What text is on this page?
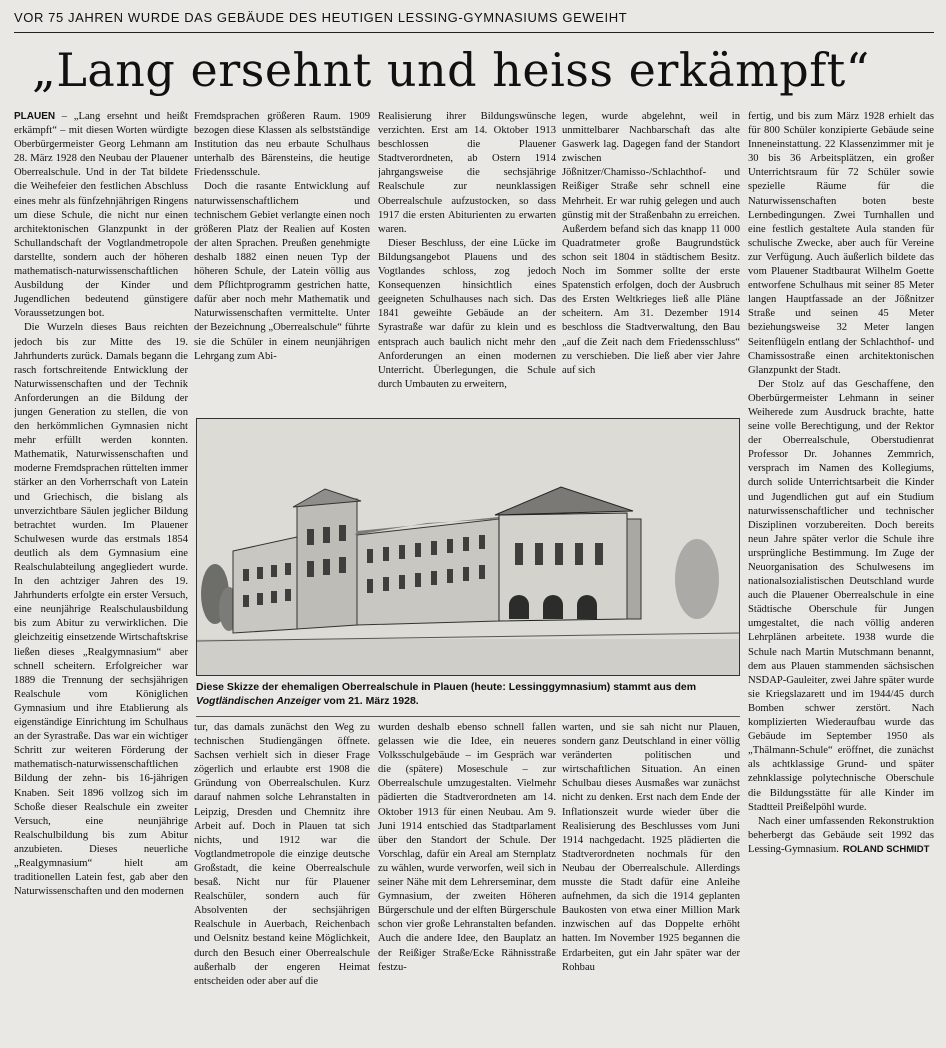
VOR 75 JAHREN WURDE DAS GEBÄUDE DES HEUTIGEN LESSING-GYMNASIUMS GEWEIHT
„Lang ersehnt und heiss erkämpft“

PLAUEN – „Lang ersehnt und heißt erkämpft“ – mit diesen Worten würdigte Oberbürgermeister Georg Lehmann am 28. März 1928 den Neubau der Plauener Oberrealschule. Und in der Tat bildete die Weihefeier den festlichen Abschluss eines mehr als fünfzehnjährigen Ringens um diese Schule, die nicht nur einen architektonischen Glanzpunkt in der Schullandschaft der Vogtlandmetropole darstellte, sondern auch der höheren mathematisch-naturwissenschaftlichen Ausbildung der Kinder und Jugendlichen bedeutend günstigere Voraussetzungen bot.

Die Wurzeln dieses Baus reichten jedoch bis zur Mitte des 19. Jahrhunderts zurück. Damals begann die rasch fortschreitende Entwicklung der Naturwissenschaften und der Technik Anforderungen an die Bildung der jungen Generation zu stellen, die von den herkömmlichen Gymnasien nicht mehr erfüllt werden konnten. Mathematik, Naturwissenschaften und moderne Fremdsprachen rüttelten immer stärker an den Vorherrschaft von Latein und Griechisch, die bislang als unverzichtbare Säulen jeglicher Bildung betrachtet wurden. Im Plauener Schulwesen wurde das erstmals 1854 deutlich als dem Gymnasium eine Realschulabteilung angegliedert wurde. In den achtziger Jahren des 19. Jahrhunderts erfolgte ein erster Versuch, eine neunjährige Realschulausbildung bis zum Abitur zu verwirklichen. Die gleichzeitig einsetzende Wirtschaftskrise ließen dieses „Realgymnasium“ aber schnell scheitern. Erfolgreicher war 1889 die Trennung der sechsjährigen Realschule vom Königlichen Gymnasium und ihre Etablierung als eigenständige Einrichtung im Schulhaus an der Syrastraße. Das war ein wichtiger Schritt zur weiteren Förderung der mathematisch-naturwissenschaftlichen Bildung der zehn- bis 16-jährigen Knaben. Seit 1896 vollzog sich im Schoße dieser Realschule ein zweiter Versuch, eine neunjährige Realschulbildung bis zum Abitur anzubieten. Dieses neuerliche „Realgymnasium“ hielt am traditionellen Latein fest, gab aber den Naturwissenschaften und den modernen

Fremdsprachen größeren Raum. 1909 bezogen diese Klassen als selbstständige Institution das neu erbaute Schulhaus unterhalb des Bärensteins, die heutige Friedensschule.

Doch die rasante Entwicklung auf naturwissenschaftlichem und technischem Gebiet verlangte einen noch größeren Platz der Realien auf Kosten der alten Sprachen. Preußen genehmigte deshalb 1882 einen neuen Typ der höheren Schule, der Latein völlig aus dem Pflichtprogramm gestrichen hatte, dafür aber noch mehr Mathematik und Naturwissenschaften vermittelte. Unter der Bezeichnung „Oberrealschule“ führte sie die Schüler in einem neunjährigen Lehrgang zum Abi-

Realisierung ihrer Bildungswünsche verzichten. Erst am 14. Oktober 1913 beschlossen die Plauener Stadtverordneten, ab Ostern 1914 jahrgangsweise die sechsjährige Realschule zur neunklassigen Oberrealschule aufzustocken, so dass 1917 die ersten Abiturienten zu erwarten waren.

Dieser Beschluss, der eine Lücke im Bildungsangebot Plauens und des Vogtlandes schloss, zog jedoch Konsequenzen hinsichtlich eines geeigneten Schulhauses nach sich. Das 1841 geweihte Gebäude an der Syrastraße war dafür zu klein und es entsprach auch baulich nicht mehr den Anforderungen an einen modernen Unterricht. Überlegungen, die Schule durch Umbauten zu erweitern,

legen, wurde abgelehnt, weil in unmittelbarer Nachbarschaft das alte Gaswerk lag. Dagegen fand der Standort zwischen Jößnitzer/Chamisso-/Schlachthof- und Reißiger Straße sehr schnell eine Mehrheit. Er war ruhig gelegen und auch günstig mit der Straßenbahn zu erreichen. Außerdem befand sich das knapp 11 000 Quadratmeter große Baugrundstück schon seit 1804 in städtischem Besitz. Noch im Sommer sollte der erste Spatenstich erfolgen, doch der Ausbruch des Ersten Weltkrieges ließ alle Pläne scheitern. Am 31. Dezember 1914 beschloss die Stadtverwaltung, den Bau „auf die Zeit nach dem Friedensschluss“ zu verschieben. Die ließ aber vier Jahre auf sich

fertig, und bis zum März 1928 erhielt das für 800 Schüler konzipierte Gebäude seine Inneneinstattung. 22 Klassenzimmer mit je 30 bis 36 Arbeitsplätzen, ein großer Unterrichtsraum für 72 Schüler sowie spezielle Räume für die Naturwissenschaften boten beste Lernbedingungen. Zwei Turnhallen und eine festlich gestaltete Aula standen für schulische Zwecke, aber auch für Vereine zur Verfügung. Auch äußerlich bildete das vom Plauener Stadtbaurat Wilhelm Goette entworfene Schulhaus mit seiner 85 Meter langen Hauptfassade an der Jößnitzer Straße und seinen 45 Meter beziehungsweise 32 Meter langen Seitenflügeln entlang der Schlachthof- und Chamissostraße einen architektonischen Glanzpunkt der Stadt.

Der Stolz auf das Geschaffene, den Oberbürgermeister Lehmann in seiner Weiherede zum Ausdruck brachte, hatte seine volle Berechtigung, und der Rektor der Oberrealschule, Oberstudienrat Professor Dr. Johannes Zemmrich, versprach im Namen des Kollegiums, durch solide Unterrichtsarbeit die Kinder und Jugendlichen gut auf ein Studium naturwissenschaftlicher und technischer Disziplinen vorzubereiten. Doch bereits neun Jahre später verlor die Schule ihre ursprüngliche Bestimmung. Im Zuge der Neuorganisation des Schulwesens im nationalsozialistischen Deutschland wurde auch die Plauener Oberrealschule in eine Städtische Oberschule für Jungen umgestaltet, die nach völlig anderen Lehrplänen arbeitete. 1938 wurde die Schule nach Martin Mutschmann benannt, dem aus Plauen stammenden sächsischen NSDAP-Gauleiter, zwei Jahre später wurde sie Kriegslazarett und im 1944/45 durch Bomben schwer zerstört. Nach komplizierten Wiederaufbau wurde das Gebäude im September 1950 als „Thälmann-Schule“ eröffnet, die zunächst als achtklassige Grund- und später zehnklassige polytechnische Oberschule die Bildungsstätte für alle Kinder im Stadtteil Preißelpöhl wurde.

Nach einer umfassenden Rekonstruktion beherbergt das Gebäude seit 1992 das Lessing-Gymnasium. ROLAND SCHMIDT

Diese Skizze der ehemaligen Oberrealschule in Plauen (heute: Lessinggymnasium) stammt aus dem Vogtländischen Anzeiger vom 21. März 1928.

tur, das damals zunächst den Weg zu technischen Studiengängen öffnete. Sachsen verhielt sich in dieser Frage zögerlich und erlaubte erst 1908 die Gründung von Oberrealschulen. Kurz darauf nahmen solche Lehranstalten in Leipzig, Dresden und Chemnitz ihre Arbeit auf. Doch in Plauen tat sich nichts, und 1912 war die Vogtlandmetropole die einzige deutsche Großstadt, die keine Oberrealschule besaß. Nicht nur für Plauener Realschüler, sondern auch für Absolventen der sechsjährigen Realschule in Auerbach, Reichenbach und Oelsnitz bestand keine Möglichkeit, durch den Besuch einer Oberrealschule außerhalb der engeren Heimat entscheiden oder aber auf die

wurden deshalb ebenso schnell fallen gelassen wie die Idee, ein neueres Volksschulgebäude – im Gespräch war die (spätere) Moseschule – zur Oberrealschule umzugestalten. Vielmehr pädierten die Stadtverordneten am 14. Oktober 1913 für einen Neubau. Am 9. Juni 1914 entschied das Stadtparlament über den Standort der Schule. Der Vorschlag, dafür ein Areal am Sternplatz zu wählen, wurde verworfen, weil sich in seiner Nähe mit dem Lehrerseminar, dem Gymnasium, der zweiten Höheren Bürgerschule und der elften Bürgerschule schon vier große Lehranstalten befanden. Auch die andere Idee, den Bauplatz an der Reißiger Straße/Ecke Rähnisstraße festzu-

warten, und sie sah nicht nur Plauen, sondern ganz Deutschland in einer völlig veränderten politischen und wirtschaftlichen Situation. An einen Schulbau dieses Ausmaßes war zunächst nicht zu denken. Erst nach dem Ende der Inflationszeit wurde wieder über die Realisierung des Beschlusses vom Juni 1914 nachgedacht. 1925 plädierten die Stadtverordneten nochmals für den Neubau der Oberrealschule. Allerdings musste die Stadt dafür eine Anleihe aufnehmen, da sich die 1914 geplanten Baukosten von etwa einer Million Mark inzwischen auf das Doppelte erhöht hatten. Im November 1925 begannen die Erdarbeiten, gut ein Jahr später war der Rohbau
